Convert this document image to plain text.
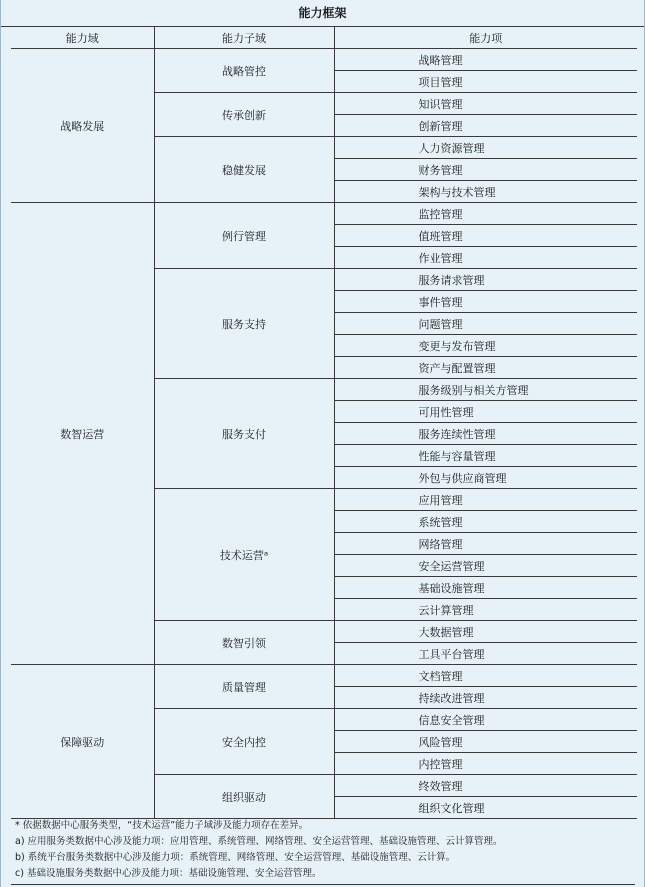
能力框架
能力域	能力子域	能力项
战略发展	战略管控	战略管理
		项目管理
	传承创新	知识管理
		创新管理
	稳健发展	人力资源管理
		财务管理
		架构与技术管理
数智运营	例行管理	监控管理
		值班管理
		作业管理
	服务支持	服务请求管理
		事件管理
		问题管理
		变更与发布管理
		资产与配置管理
	服务支付	服务级别与相关方管理
		可用性管理
		服务连续性管理
		性能与容量管理
		外包与供应商管理
	技术运营ᵃ	应用管理
		系统管理
		网络管理
		安全运营管理
		基础设施管理
		云计算管理
	数智引领	大数据管理
		工具平台管理
保障驱动	质量管理	文档管理
		持续改进管理
	安全内控	信息安全管理
		风险管理
		内控管理
	组织驱动	终效管理
		组织文化管理
* 依据数据中心服务类型，“技术运营”能力子域涉及能力项存在差异。
a) 应用服务类数据中心涉及能力项：应用管理、系统管理、网络管理、安全运营管理、基础设施管理、云计算管理。
b) 系统平台服务类数据中心涉及能力项：系统管理、网络管理、安全运营管理、基础设施管理、云计算。
c) 基础设施服务类数据中心涉及能力项：基础设施管理、安全运营管理。
